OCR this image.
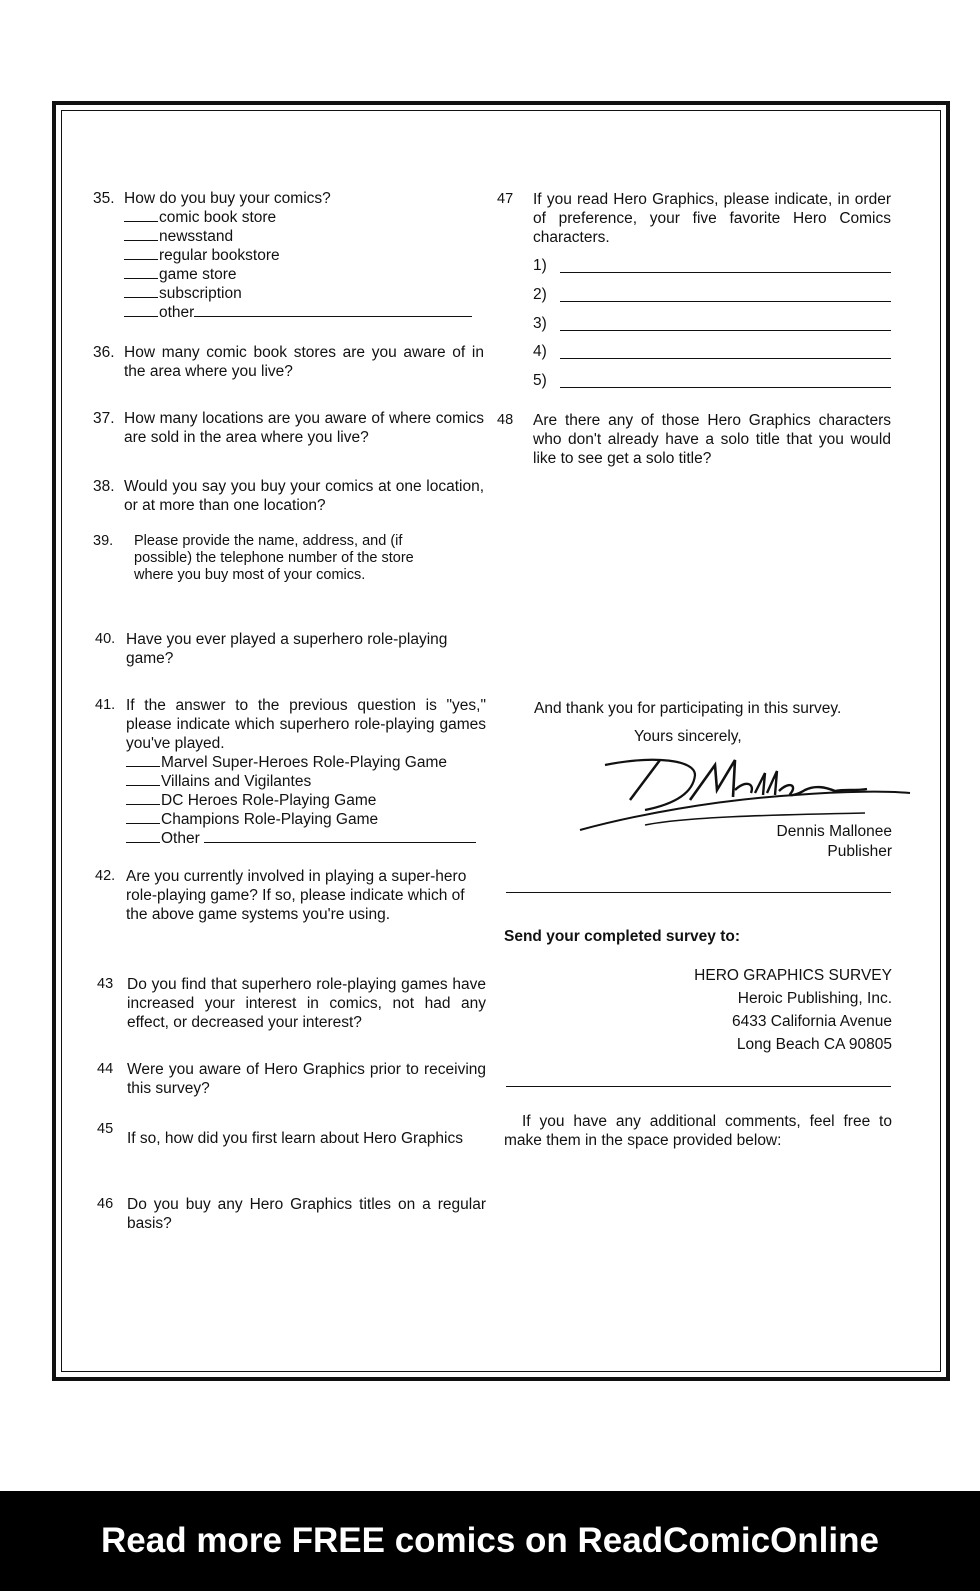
35. How do you buy your comics?
comic book store
newsstand
regular bookstore
game store
subscription
other
36. How many comic book stores are you aware of in the area where you live?
37. How many locations are you aware of where comics are sold in the area where you live?
38. Would you say you buy your comics at one location, or at more than one location?
39. Please provide the name, address, and (if possible) the telephone number of the store where you buy most of your comics.
40. Have you ever played a superhero role-playing game?
41. If the answer to the previous question is "yes," please indicate which superhero role-playing games you've played.
Marvel Super-Heroes Role-Playing Game
Villains and Vigilantes
DC Heroes Role-Playing Game
Champions Role-Playing Game
Other
42. Are you currently involved in playing a super-hero role-playing game? If so, please indicate which of the above game systems you're using.
43 Do you find that superhero role-playing games have increased your interest in comics, not had any effect, or decreased your interest?
44 Were you aware of Hero Graphics prior to receiving this survey?
45
If so, how did you first learn about Hero Graphics
46 Do you buy any Hero Graphics titles on a regular basis?
47 If you read Hero Graphics, please indicate, in order of preference, your five favorite Hero Comics characters.
1)
2)
3)
4)
5)
48 Are there any of those Hero Graphics characters who don't already have a solo title that you would like to see get a solo title?
And thank you for participating in this survey.
Yours sincerely,
Dennis Mallonee
Publisher
Send your completed survey to:
HERO GRAPHICS SURVEY
Heroic Publishing, Inc.
6433 California Avenue
Long Beach CA 90805
If you have any additional comments, feel free to make them in the space provided below:
Read more FREE comics on ReadComicOnline
